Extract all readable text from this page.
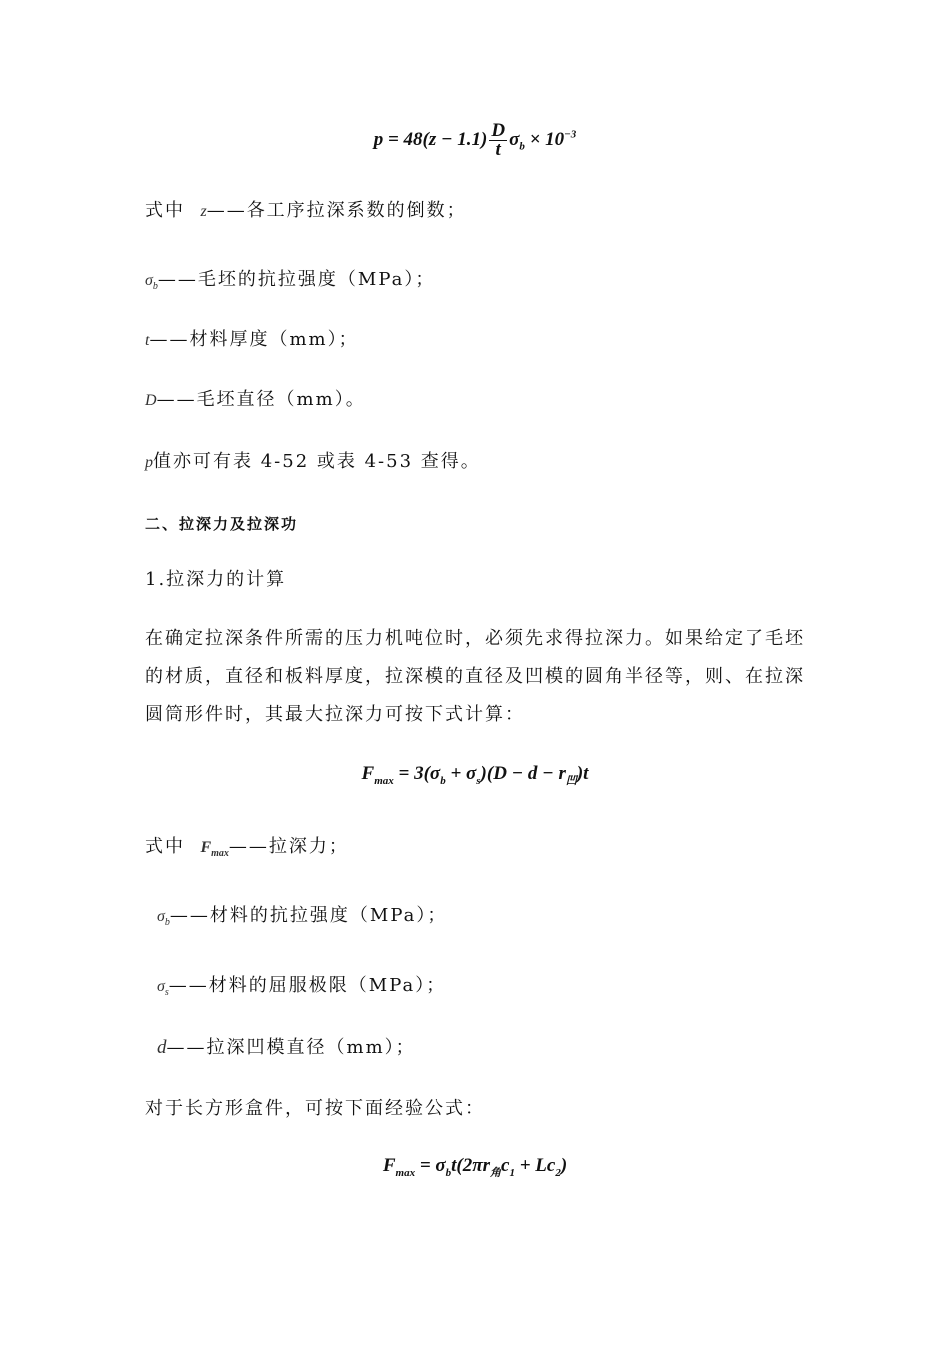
$p = 48(z - 1.1) \frac{D}{t} \sigma_b \times 10^{-3}$
式中 z——各工序拉深系数的倒数；
$\sigma_b——$毛坯的抗拉强度（MPa）；
t——材料厚度（mm）；
D——毛坯直径（mm）。
p值亦可有表 4-52 或表 4-53 查得。
二、拉深力及拉深功
1.拉深力的计算
在确定拉深条件所需的压力机吨位时，必须先求得拉深力。如果给定了毛坯的材质，直径和板料厚度，拉深模的直径及凹模的圆角半径等，则、在拉深圆筒形件时，其最大拉深力可按下式计算：
$F_{max} = 3(\sigma_b + \sigma_s)(D - d - r_凹)t$
式中 $F_{max}——$拉深力；
$\sigma_b——$材料的抗拉强度（MPa）；
$\sigma_s——$材料的屈服极限（MPa）；
d——拉深凹模直径（mm）；
对于长方形盒件，可按下面经验公式：
$F_{max} = \sigma_bt(2\pi r_角c_1 + Lc_2)$
